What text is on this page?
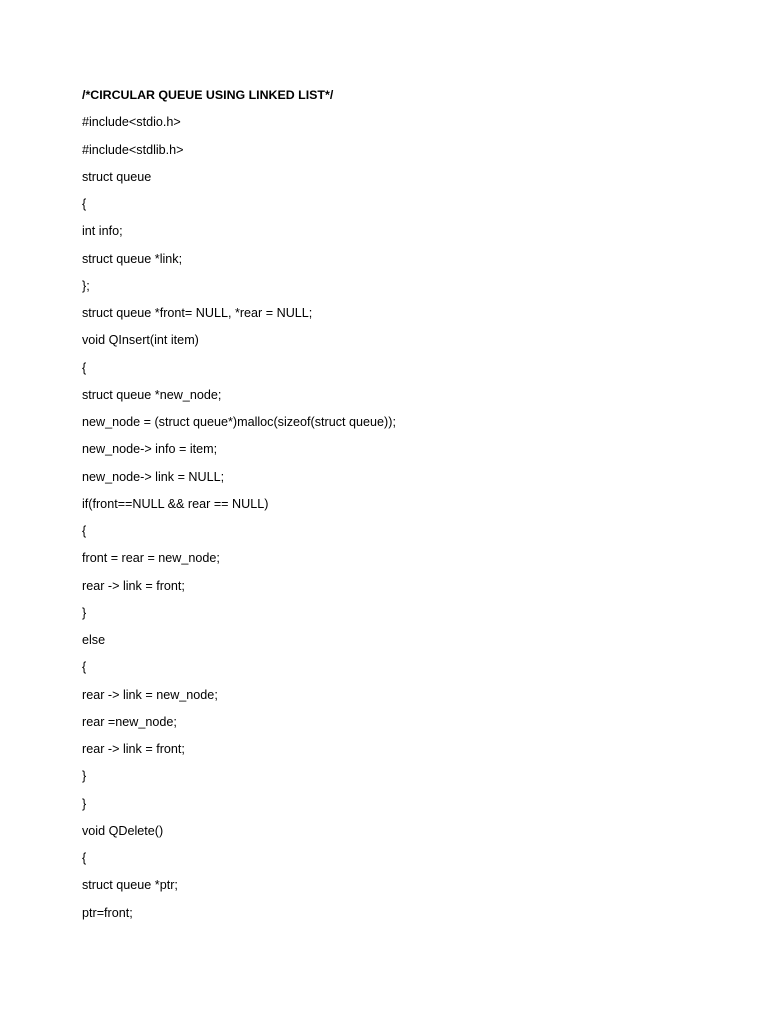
/*CIRCULAR QUEUE USING LINKED LIST*/
#include<stdio.h>
#include<stdlib.h>
struct queue
{
int info;
struct queue *link;
};
struct queue *front= NULL, *rear = NULL;
void QInsert(int item)
{
struct queue *new_node;
new_node = (struct queue*)malloc(sizeof(struct queue));
new_node-> info = item;
new_node-> link = NULL;
if(front==NULL && rear == NULL)
{
front = rear = new_node;
rear -> link = front;
}
else
{
rear -> link = new_node;
rear =new_node;
rear -> link = front;
}
}
void QDelete()
{
struct queue *ptr;
ptr=front;
